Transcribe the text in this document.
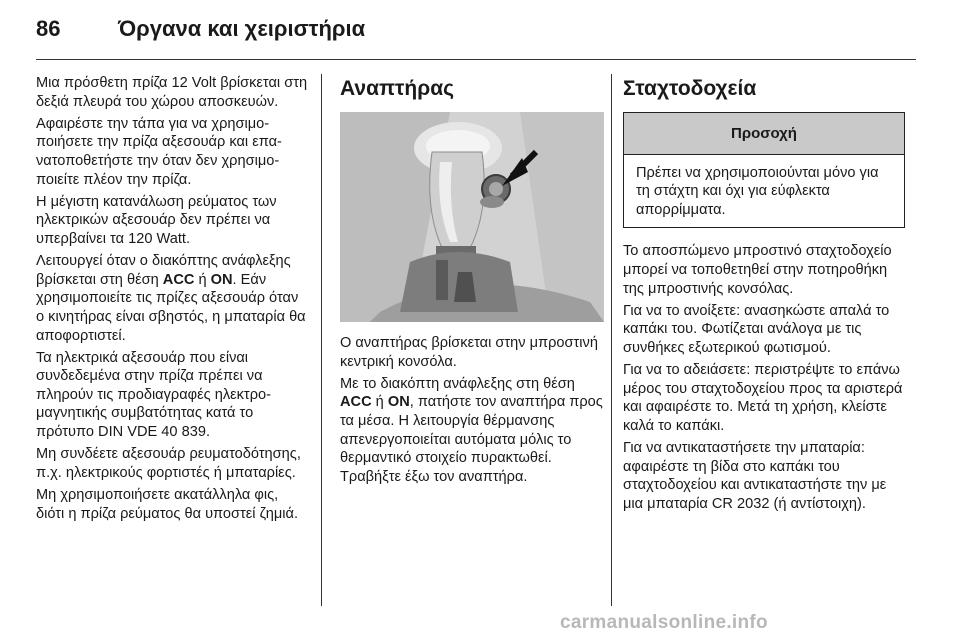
86	Όργανα και χειριστήρια

Μια πρόσθετη πρίζα 12 Volt βρίσκεται στη δεξιά πλευρά του χώρου αποσκευών.

Αφαιρέστε την τάπα για να χρησιμοποιήσετε την πρίζα αξεσουάρ και επανατοποθετήστε την όταν δεν χρησιμοποιείτε πλέον την πρίζα.

Η μέγιστη κατανάλωση ρεύματος των ηλεκτρικών αξεσουάρ δεν πρέπει να υπερβαίνει τα 120 Watt.

Λειτουργεί όταν ο διακόπτης ανάφλεξης βρίσκεται στη θέση ACC ή ON. Εάν χρησιμοποιείτε τις πρίζες αξεσουάρ όταν ο κινητήρας είναι σβηστός, η μπαταρία θα αποφορτιστεί.

Τα ηλεκτρικά αξεσουάρ που είναι συνδεδεμένα στην πρίζα πρέπει να πληρούν τις προδιαγραφές ηλεκτρομαγνητικής συμβατότητας κατά το πρότυπο DIN VDE 40 839.

Μη συνδέετε αξεσουάρ ρευματοδότησης, π.χ. ηλεκτρικούς φορτιστές ή μπαταρίες.

Μη χρησιμοποιήσετε ακατάλληλα φις, διότι η πρίζα ρεύματος θα υποστεί ζημιά.

Αναπτήρας

Ο αναπτήρας βρίσκεται στην μπροστινή κεντρική κονσόλα.

Με το διακόπτη ανάφλεξης στη θέση ACC ή ON, πατήστε τον αναπτήρα προς τα μέσα. Η λειτουργία θέρμανσης απενεργοποιείται αυτόματα μόλις το θερμαντικό στοιχείο πυρακτωθεί. Τραβήξτε έξω τον αναπτήρα.

Σταχτοδοχεία
Προσοχή
Πρέπει να χρησιμοποιούνται μόνο για τη στάχτη και όχι για εύφλεκτα απορρίμματα.

Το αποσπώμενο μπροστινό σταχτοδοχείο μπορεί να τοποθετηθεί στην ποτηροθήκη της μπροστινής κονσόλας.

Για να το ανοίξετε: ανασηκώστε απαλά το καπάκι του. Φωτίζεται ανάλογα με τις συνθήκες εξωτερικού φωτισμού.

Για να το αδειάσετε: περιστρέψτε το επάνω μέρος του σταχτοδοχείου προς τα αριστερά και αφαιρέστε το. Μετά τη χρήση, κλείστε καλά το καπάκι.

Για να αντικαταστήσετε την μπαταρία: αφαιρέστε τη βίδα στο καπάκι του σταχτοδοχείου και αντικαταστήστε την με μια μπαταρία CR 2032 (ή αντίστοιχη).

carmanualsonline.info
